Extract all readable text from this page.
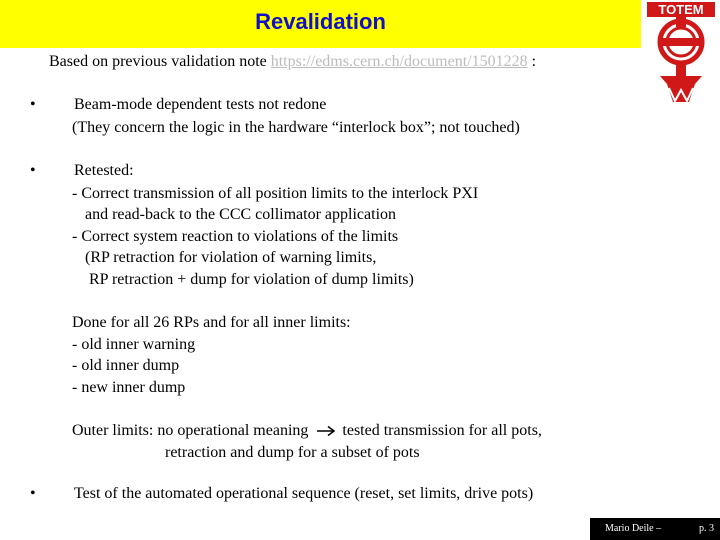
Revalidation	TOTEM
Based on previous validation note https://edms.cern.ch/document/1501228 :
• Beam-mode dependent tests not redone
(They concern the logic in the hardware “interlock box”; not touched)
• Retested:
- Correct transmission of all position limits to the interlock PXI
and read-back to the CCC collimator application
- Correct system reaction to violations of the limits
(RP retraction for violation of warning limits,
RP retraction + dump for violation of dump limits)
Done for all 26 RPs and for all inner limits:
- old inner warning
- old inner dump
- new inner dump
Outer limits: no operational meaning tested transmission for all pots,
retraction and dump for a subset of pots
• Test of the automated operational sequence (reset, set limits, drive pots)
Mario Deile –	p. 3
